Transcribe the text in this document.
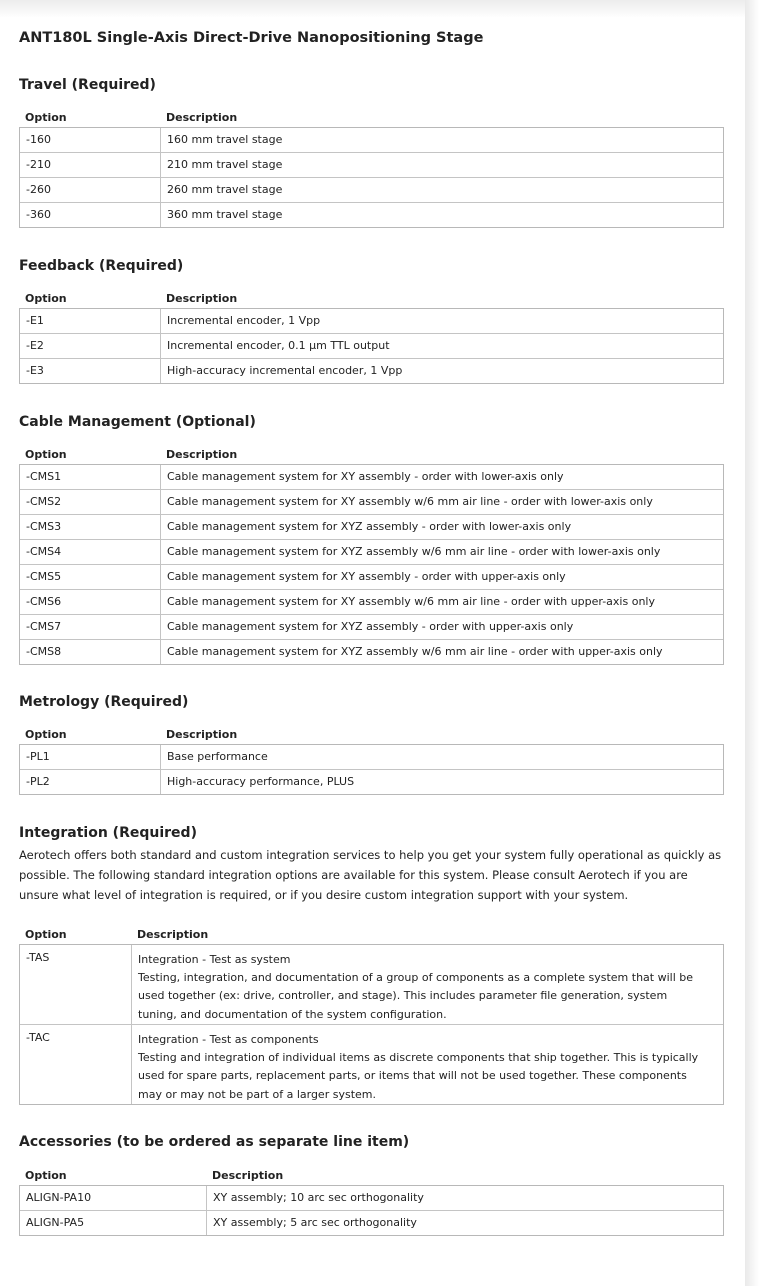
ANT180L Single-Axis Direct-Drive Nanopositioning Stage
Travel (Required)
Option	Description
-160	160 mm travel stage
-210	210 mm travel stage
-260	260 mm travel stage
-360	360 mm travel stage
Feedback (Required)
Option	Description
-E1	Incremental encoder, 1 Vpp
-E2	Incremental encoder, 0.1 µm TTL output
-E3	High-accuracy incremental encoder, 1 Vpp
Cable Management (Optional)
Option	Description
-CMS1	Cable management system for XY assembly - order with lower-axis only
-CMS2	Cable management system for XY assembly w/6 mm air line - order with lower-axis only
-CMS3	Cable management system for XYZ assembly - order with lower-axis only
-CMS4	Cable management system for XYZ assembly w/6 mm air line - order with lower-axis only
-CMS5	Cable management system for XY assembly - order with upper-axis only
-CMS6	Cable management system for XY assembly w/6 mm air line - order with upper-axis only
-CMS7	Cable management system for XYZ assembly - order with upper-axis only
-CMS8	Cable management system for XYZ assembly w/6 mm air line - order with upper-axis only
Metrology (Required)
Option	Description
-PL1	Base performance
-PL2	High-accuracy performance, PLUS
Integration (Required)

Aerotech offers both standard and custom integration services to help you get your system fully operational as quickly as possible. The following standard integration options are available for this system. Please consult Aerotech if you are unsure what level of integration is required, or if you desire custom integration support with your system.

Option	Description
-TAS	Integration - Test as system
Testing, integration, and documentation of a group of components as a complete system that will be used together (ex: drive, controller, and stage). This includes parameter file generation, system tuning, and documentation of the system configuration.
-TAC	Integration - Test as components
Testing and integration of individual items as discrete components that ship together. This is typically used for spare parts, replacement parts, or items that will not be used together. These components may or may not be part of a larger system.
Accessories (to be ordered as separate line item)
Option	Description
ALIGN-PA10	XY assembly; 10 arc sec orthogonality
ALIGN-PA5	XY assembly; 5 arc sec orthogonality
